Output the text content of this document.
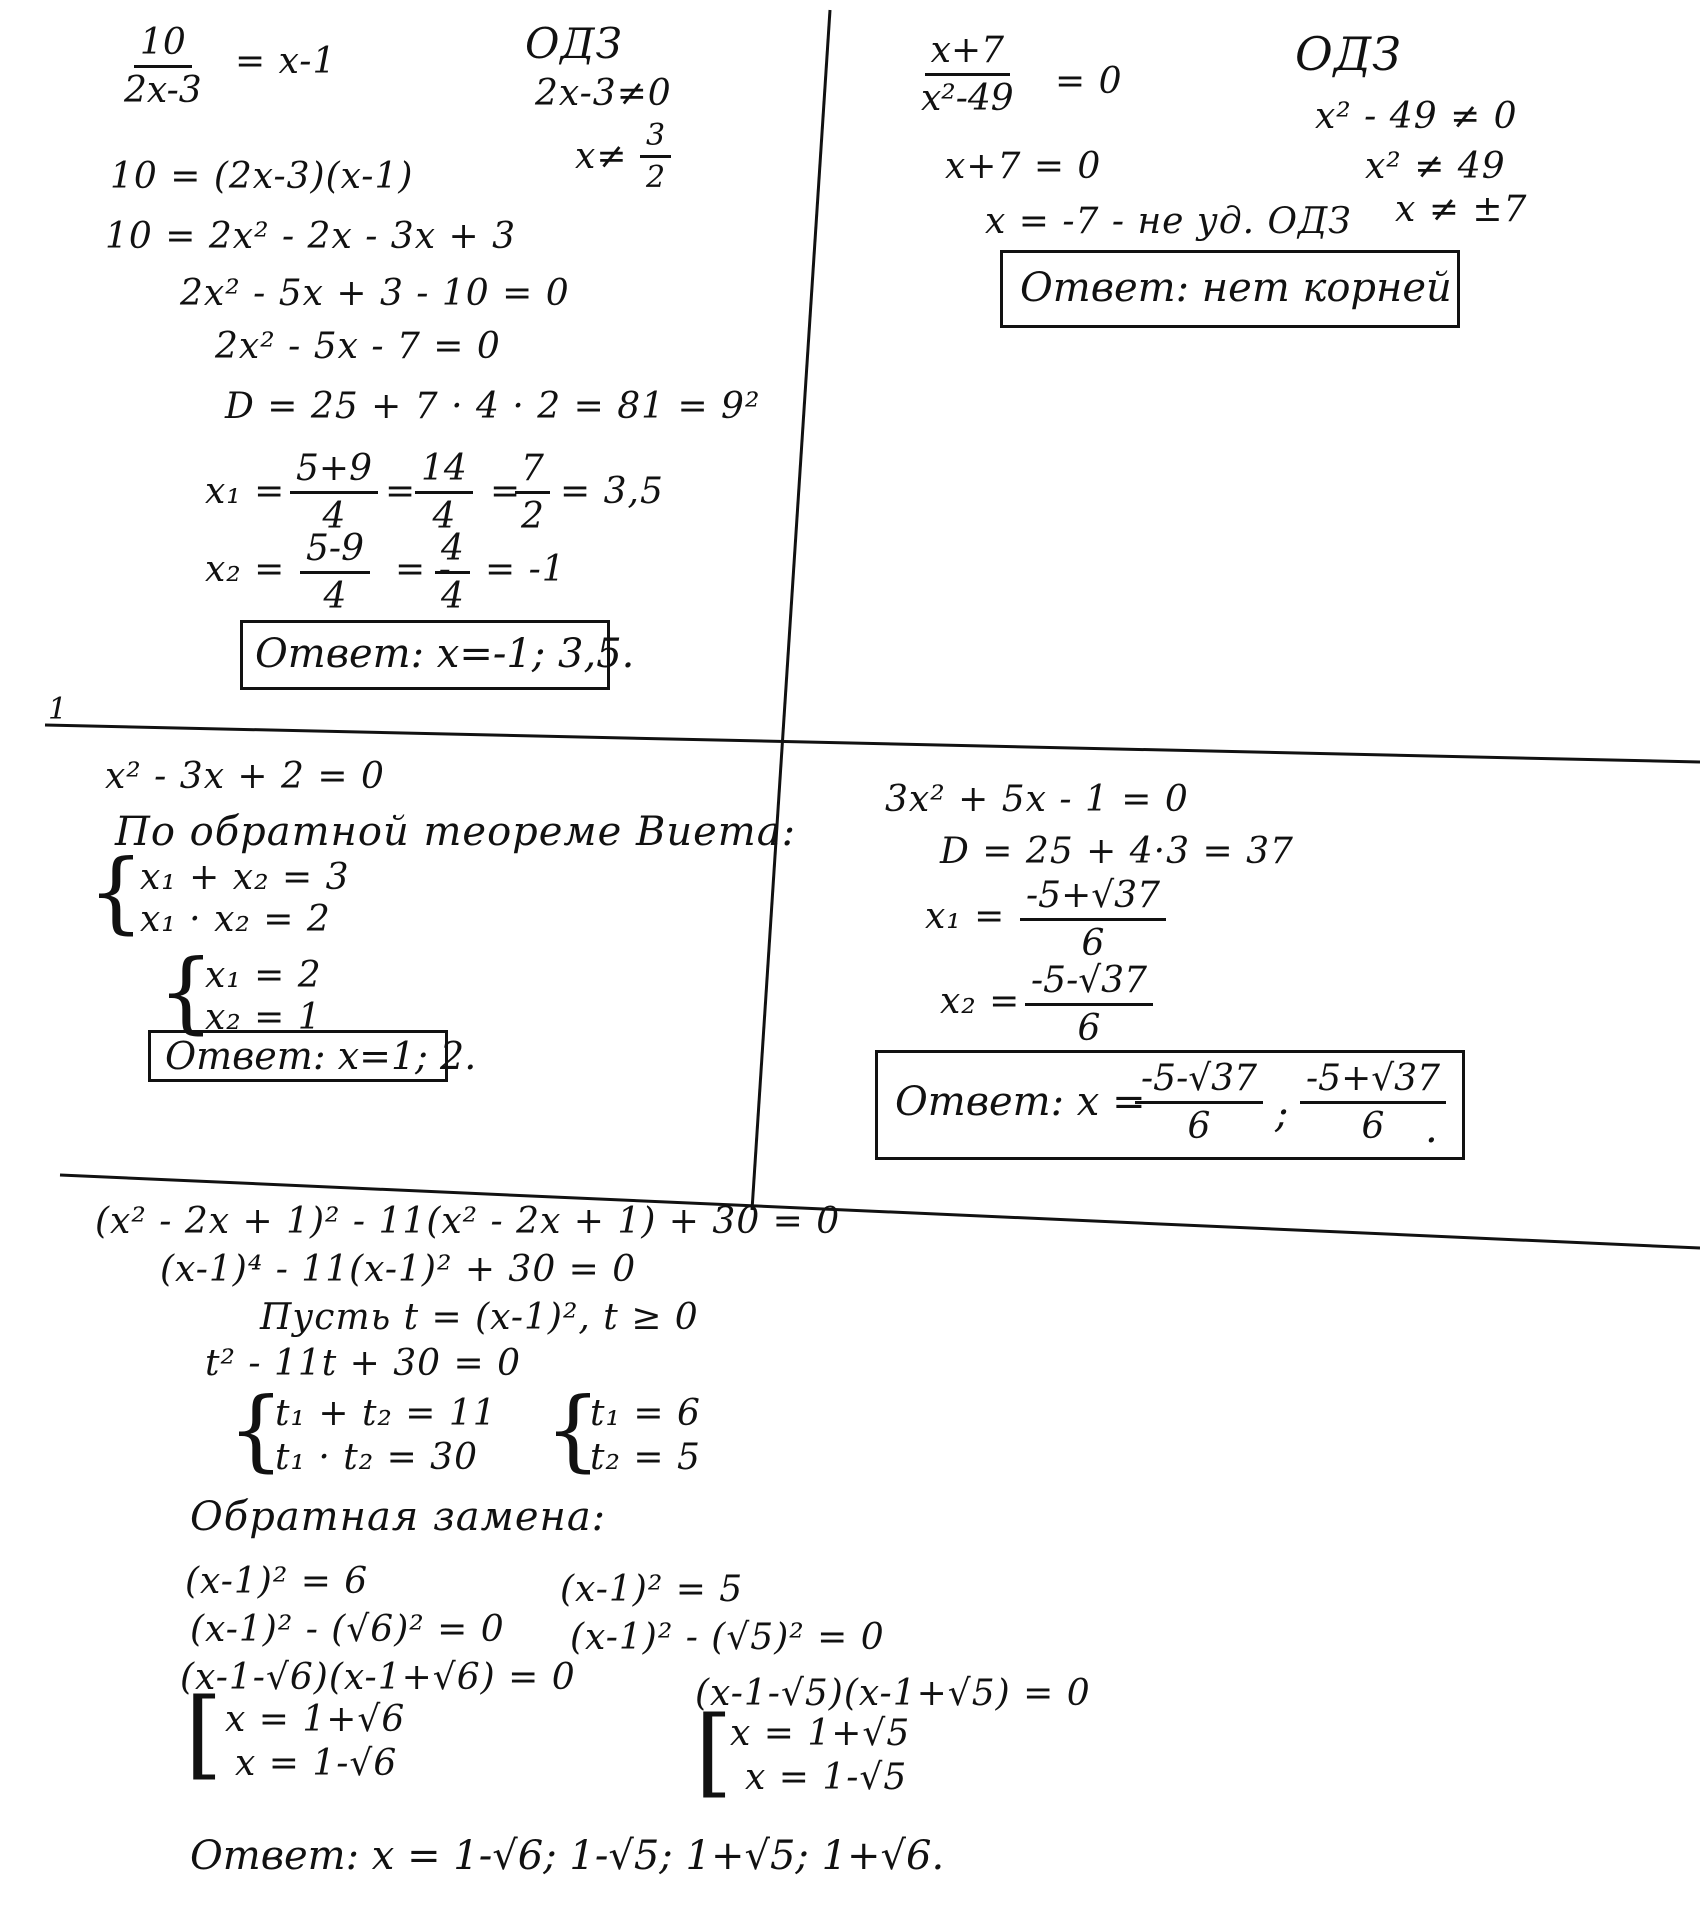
$\frac{10}{2x-3} = x-1$	ОДЗ
2x-3≠0
$x\ne \frac{3}{2}$
10 = (2x-3)(x-1)
10 = 2x² - 2x - 3x + 3
2x² - 5x + 3 - 10 = 0
2x² - 5x - 7 = 0
D = 25 + 7 · 4 · 2 = 81 = 9²
$x_1 = \frac{5+9}{4}$ =
$\frac{14}{4}$ =
$\frac{7}{2} = 3,5$
$x_2 = \frac{5-9}{4}$ = -
$\frac{4}{4} = -1$
Ответ: x=-1; 3,5.
$\frac{x+7}{\text{x²-49}} = 0$
ОДЗ
x² - 49 ≠ 0
x² ≠ 49
x ≠ ±7
x+7 = 0
x = -7 - не уд. ОДЗ
Ответ: нет корней
1
x² - 3x + 2 = 0
По обратной теореме Виета:
{
x₁ + x₂ = 3
x₁ · x₂ = 2
{
x₁ = 2
x₂ = 1
Ответ: x=1; 2.
3x² + 5x - 1 = 0
D = 25 + 4·3 = 37
$x_1 = \frac{-5+√37}{6}$
$x_2 = \frac{-5-√37}{6}$
Ответ: x =
$\frac{-5-√37}{6}$ ; $\frac{-5+√37}{6}$
.
(x² - 2x + 1)² - 11(x² - 2x + 1) + 30 = 0
(x-1)⁴ - 11(x-1)² + 30 = 0
Пусть t = (x-1)², t ≥ 0
t² - 11t + 30 = 0
{
t₁ + t₂ = 11
t₁ · t₂ = 30 {
t₁ = 6
t₂ = 5
Обратная замена:
(x-1)² = 6
(x-1)² - (√6)² = 0
(x-1-√6)(x-1+√6) = 0
[ x = 1+√6
x = 1-√6
(x-1)² = 5
(x-1)² - (√5)² = 0
(x-1-√5)(x-1+√5) = 0
[
x = 1+√5
x = 1-√5
Ответ: x = 1-√6; 1-√5; 1+√5; 1+√6.
